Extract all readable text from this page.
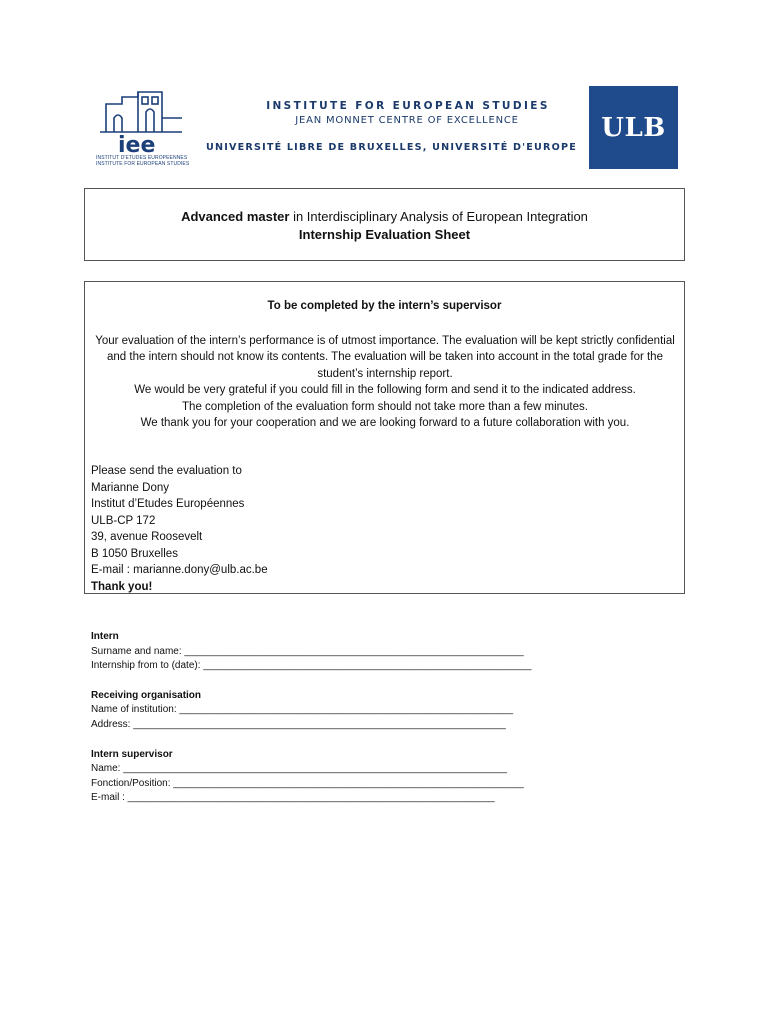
iee
INSTITUT D'ETUDES EUROPEENNES
INSTITUTE FOR EUROPEAN STUDIES
INSTITUTE FOR EUROPEAN STUDIES
JEAN MONNET CENTRE OF EXCELLENCE
UNIVERSITÉ LIBRE DE BRUXELLES, UNIVERSITÉ D'EUROPE
ULB
Advanced master in Interdisciplinary Analysis of European Integration
Internship Evaluation Sheet
To be completed by the intern’s supervisor

Your evaluation of the intern’s performance is of utmost importance. The evaluation will be kept strictly confidential and the intern should not know its contents. The evaluation will be taken into account in the total grade for the student’s internship report.

We would be very grateful if you could fill in the following form and send it to the indicated address.

The completion of the evaluation form should not take more than a few minutes.

We thank you for your cooperation and we are looking forward to a future collaboration with you.

Please send the evaluation to
Marianne Dony
Institut d’Etudes Européennes
ULB-CP 172
39, avenue Roosevelt
B 1050 Bruxelles
E-mail : marianne.dony@ulb.ac.be
Thank you!
Intern
Surname and name: _____________________________________________________________
Internship from to (date): ___________________________________________________________
Receiving organisation
Name of institution: ____________________________________________________________
Address: ___________________________________________________________________
Intern supervisor
Name: _____________________________________________________________________
Fonction/Position: _______________________________________________________________
E-mail : __________________________________________________________________
